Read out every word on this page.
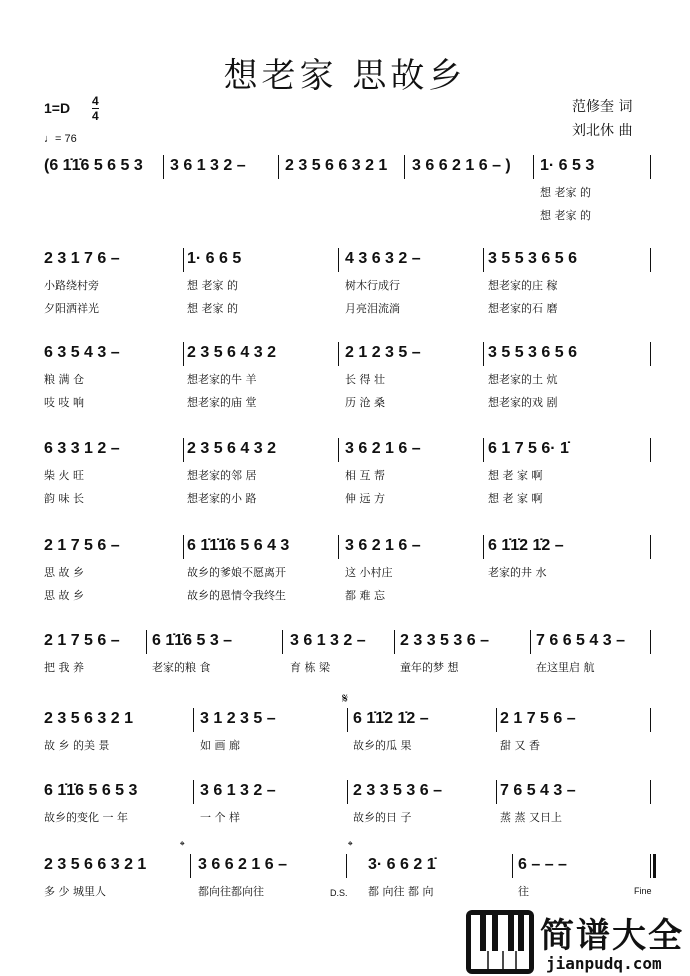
想老家 思故乡
1=D 4
4
♩= 76
范修奎 词
刘北休 曲
(6 1̇1̇6 5 6 5 3 3 6 1 3 2 – 2 3 5 6 6 3 2 1 3 6 6 2 1 6 – ) 1· 6 5 3
想 老家 的
想 老家 的
2 3 1 7 6 –
小路绕村旁
夕阳洒祥光
1· 6 6 5
想 老家 的
想 老家 的
4 3 6 3 2 –
树木行成行
月亮泪流淌
3 5 5 3 6 5 6
想老家的庄 稼
想老家的石 磨
6 3 5 4 3 –
粮 满 仓
吱 吱 响
2 3 5 6 4 3 2
想老家的牛 羊
想老家的庙 堂
2 1 2 3 5 –
长 得 壮
历 沧 桑
3 5 5 3 6 5 6
想老家的土 炕
想老家的戏 剧
6 3 3 1 2 –
柴 火 旺
韵 味 长
2 3 5 6 4 3 2
想老家的邻 居
想老家的小 路
3 6 2 1 6 –
相 互 帮
伸 远 方
6 1 7 5 6· 1̇
想 老 家 啊
想 老 家 啊
2 1 7 5 6 –
思 故 乡
思 故 乡
6 1̇1̇1̇6 5 6 4 3
故乡的爹娘不愿离开
故乡的恩情令我终生
3 6 2 1 6 –
这 小村庄
都 难 忘
6 1̇1̇2 1̇2 –
老家的井 水
2 1 7 5 6 –
把 我 养
6 1̇1̇6 5 3 –
老家的粮 食
3 6 1 3 2 –
育 栋 梁
2 3 3 5 3 6 –
童年的梦 想
7 6 6 5 4 3 –
在这里启 航
2 3 5 6 3 2 1
故 乡 的美 景
3 1 2 3 5 –
如 画 廊
6 1̇1̇2 1̇2 –
故乡的瓜 果
2 1 7 5 6 –
甜 又 香
𝄋
6 1̇1̇6 5 6 5 3
故乡的变化 一 年
3 6 1 3 2 –
一 个 样
2 3 3 5 3 6 –
故乡的日 子
7 6 5 4 3 –
蒸 蒸 又日上
2 3 5 6 6 3 2 1
多 少 城里人
3 6 6 2 1 6 –
都向往都向往
3· 6 6 2 1̇
都 向往 都 向
6 – – –
往
𝄌	𝄌
D.S.	Fine
简谱大全
jianpudq.com
